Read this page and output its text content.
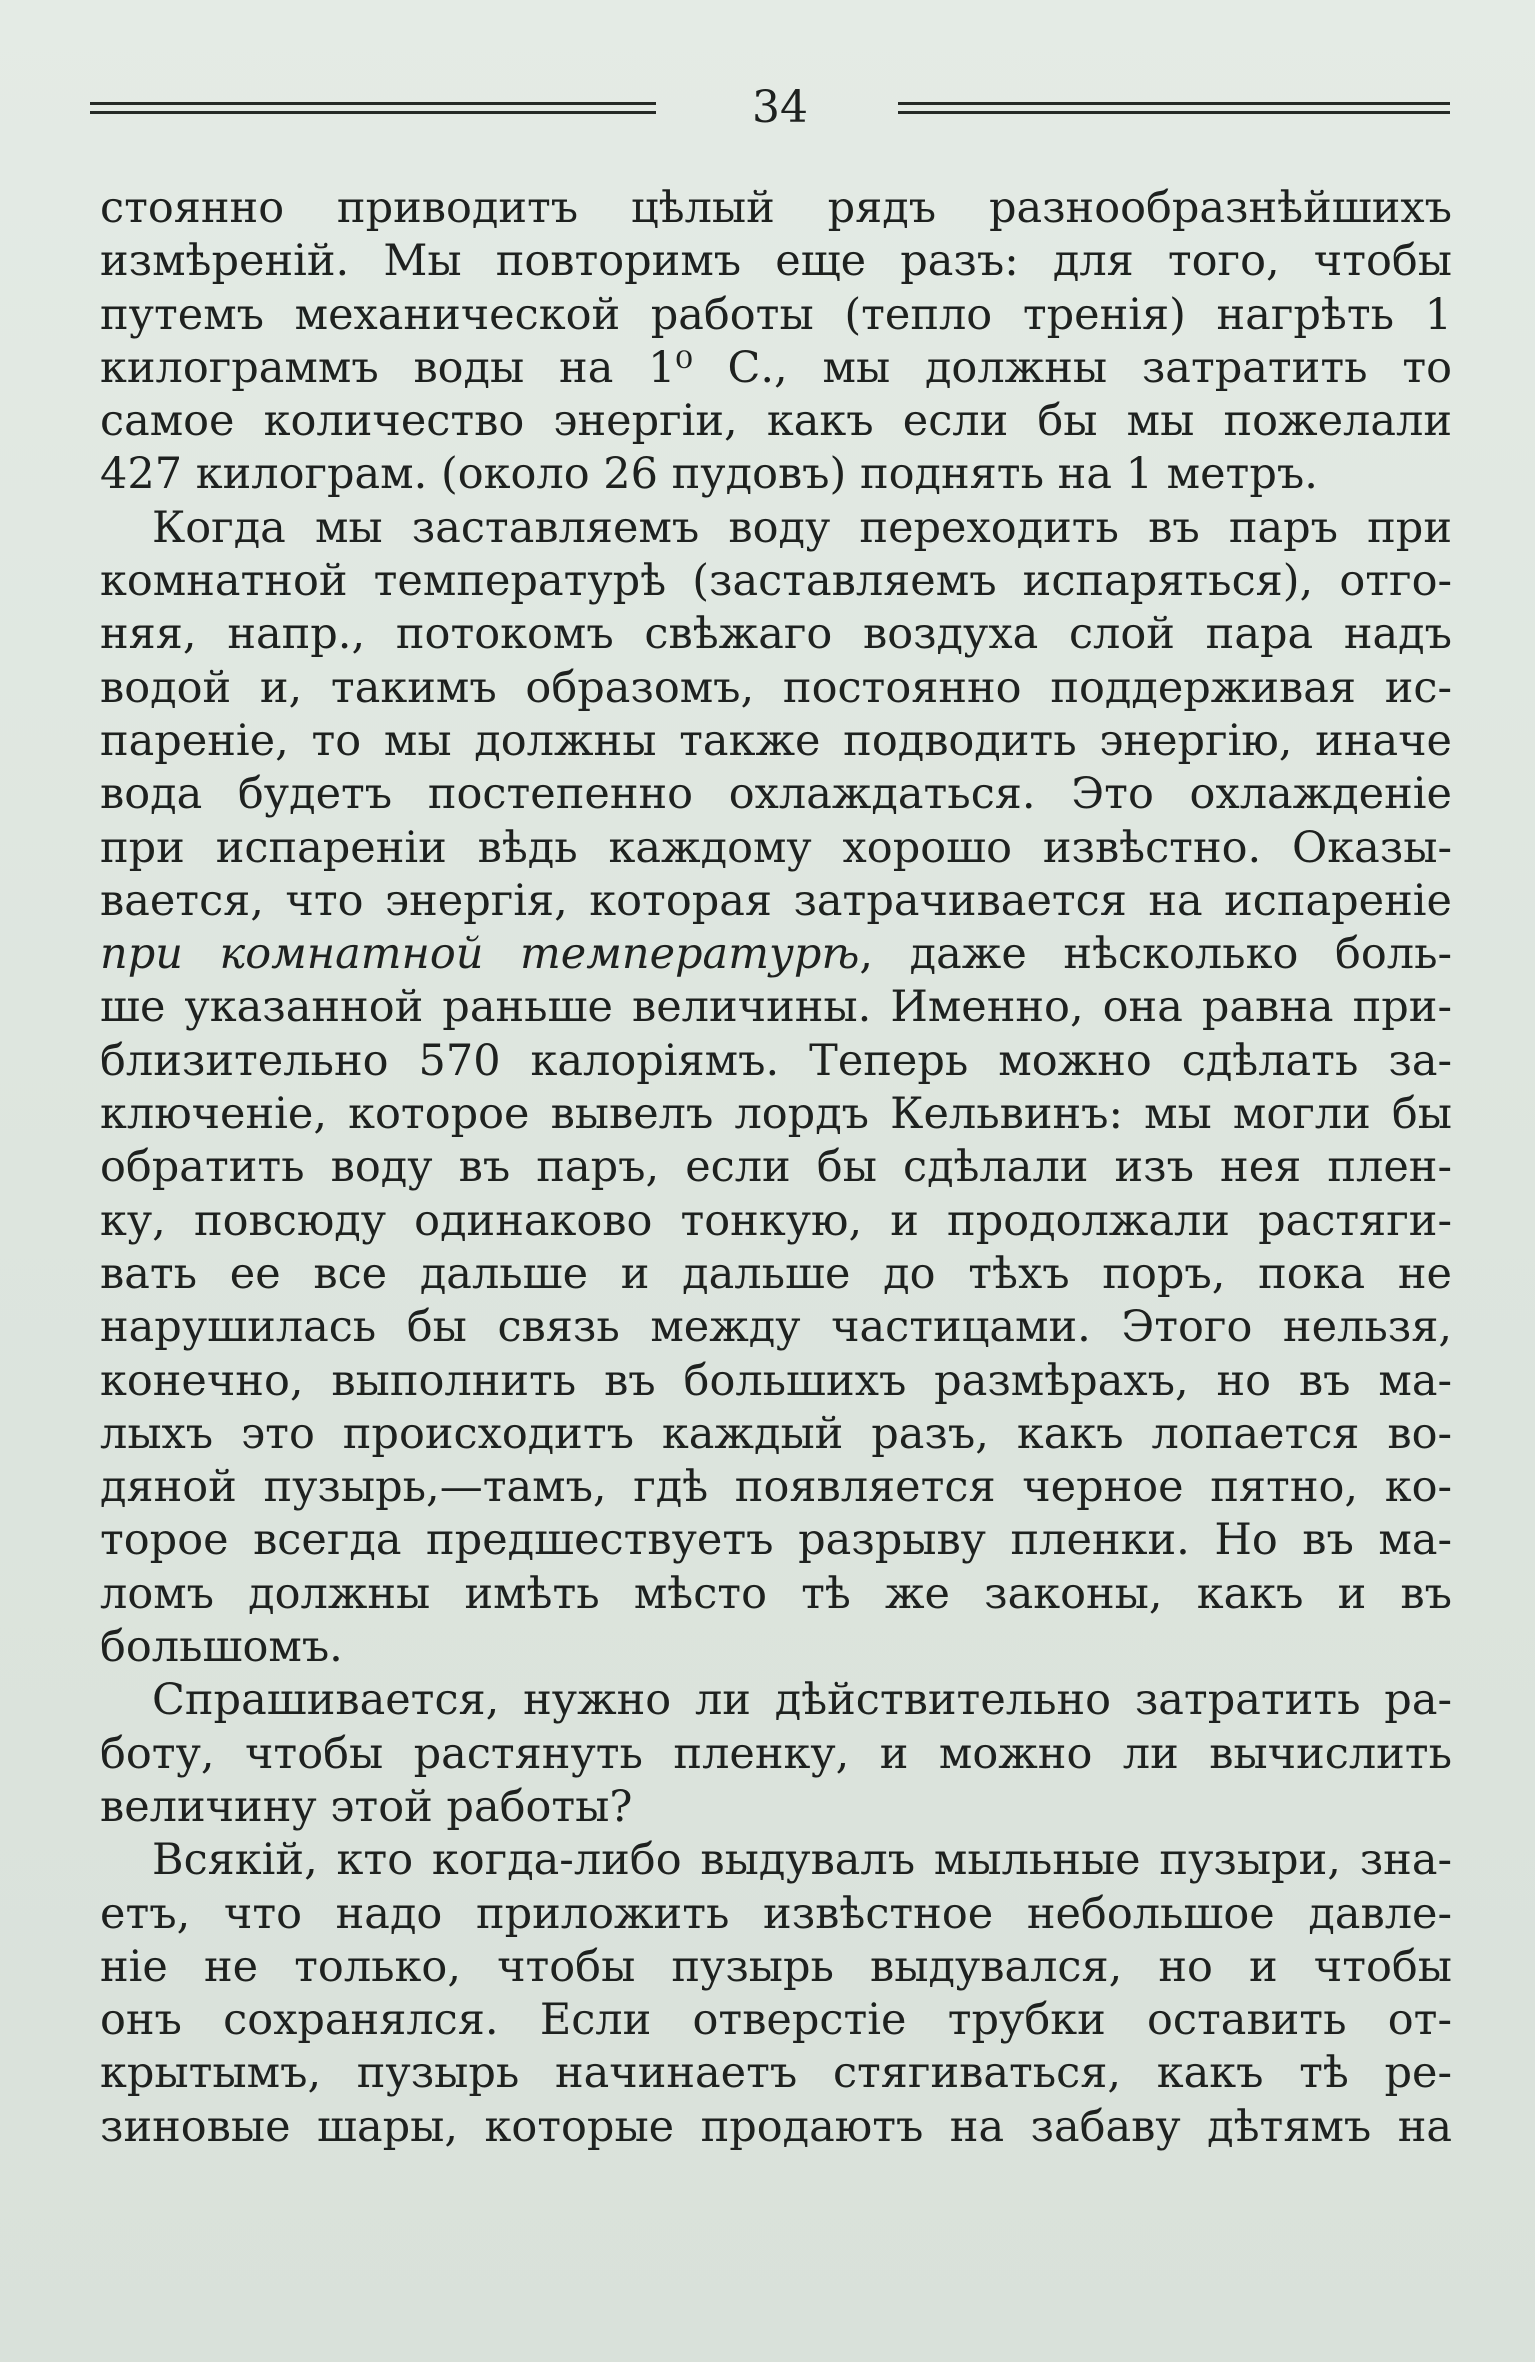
34
стоянно приводитъ цѣлый рядъ разнообразнѣйшихъ
измѣреній. Мы повторимъ еще разъ: для того, чтобы
путемъ механической работы (тепло тренія) нагрѣть 1
килограммъ воды на 1⁰ С., мы должны затратить то
самое количество энергіи, какъ если бы мы пожелали
427 килограм. (около 26 пудовъ) поднять на 1 метръ.
Когда мы заставляемъ воду переходить въ паръ при
комнатной температурѣ (заставляемъ испаряться), отго-
няя, напр., потокомъ свѣжаго воздуха слой пара надъ
водой и, такимъ образомъ, постоянно поддерживая ис-
пареніе, то мы должны также подводить энергію, иначе
вода будетъ постепенно охлаждаться. Это охлажденіе
при испареніи вѣдь каждому хорошо извѣстно. Оказы-
вается, что энергія, которая затрачивается на испареніе
при комнатной температурѣ, даже нѣсколько боль-
ше указанной раньше величины. Именно, она равна при-
близительно 570 калоріямъ. Теперь можно сдѣлать за-
ключеніе, которое вывелъ лордъ Кельвинъ: мы могли бы
обратить воду въ паръ, если бы сдѣлали изъ нея плен-
ку, повсюду одинаково тонкую, и продолжали растяги-
вать ее все дальше и дальше до тѣхъ поръ, пока не
нарушилась бы связь между частицами. Этого нельзя,
конечно, выполнить въ большихъ размѣрахъ, но въ ма-
лыхъ это происходитъ каждый разъ, какъ лопается во-
дяной пузырь,—тамъ, гдѣ появляется черное пятно, ко-
торое всегда предшествуетъ разрыву пленки. Но въ ма-
ломъ должны имѣть мѣсто тѣ же законы, какъ и въ
большомъ.
Спрашивается, нужно ли дѣйствительно затратить ра-
боту, чтобы растянуть пленку, и можно ли вычислить
величину этой работы?
Всякій, кто когда-либо выдувалъ мыльные пузыри, зна-
етъ, что надо приложить извѣстное небольшое давле-
ніе не только, чтобы пузырь выдувался, но и чтобы
онъ сохранялся. Если отверстіе трубки оставить от-
крытымъ, пузырь начинаетъ стягиваться, какъ тѣ ре-
зиновые шары, которые продаютъ на забаву дѣтямъ на
